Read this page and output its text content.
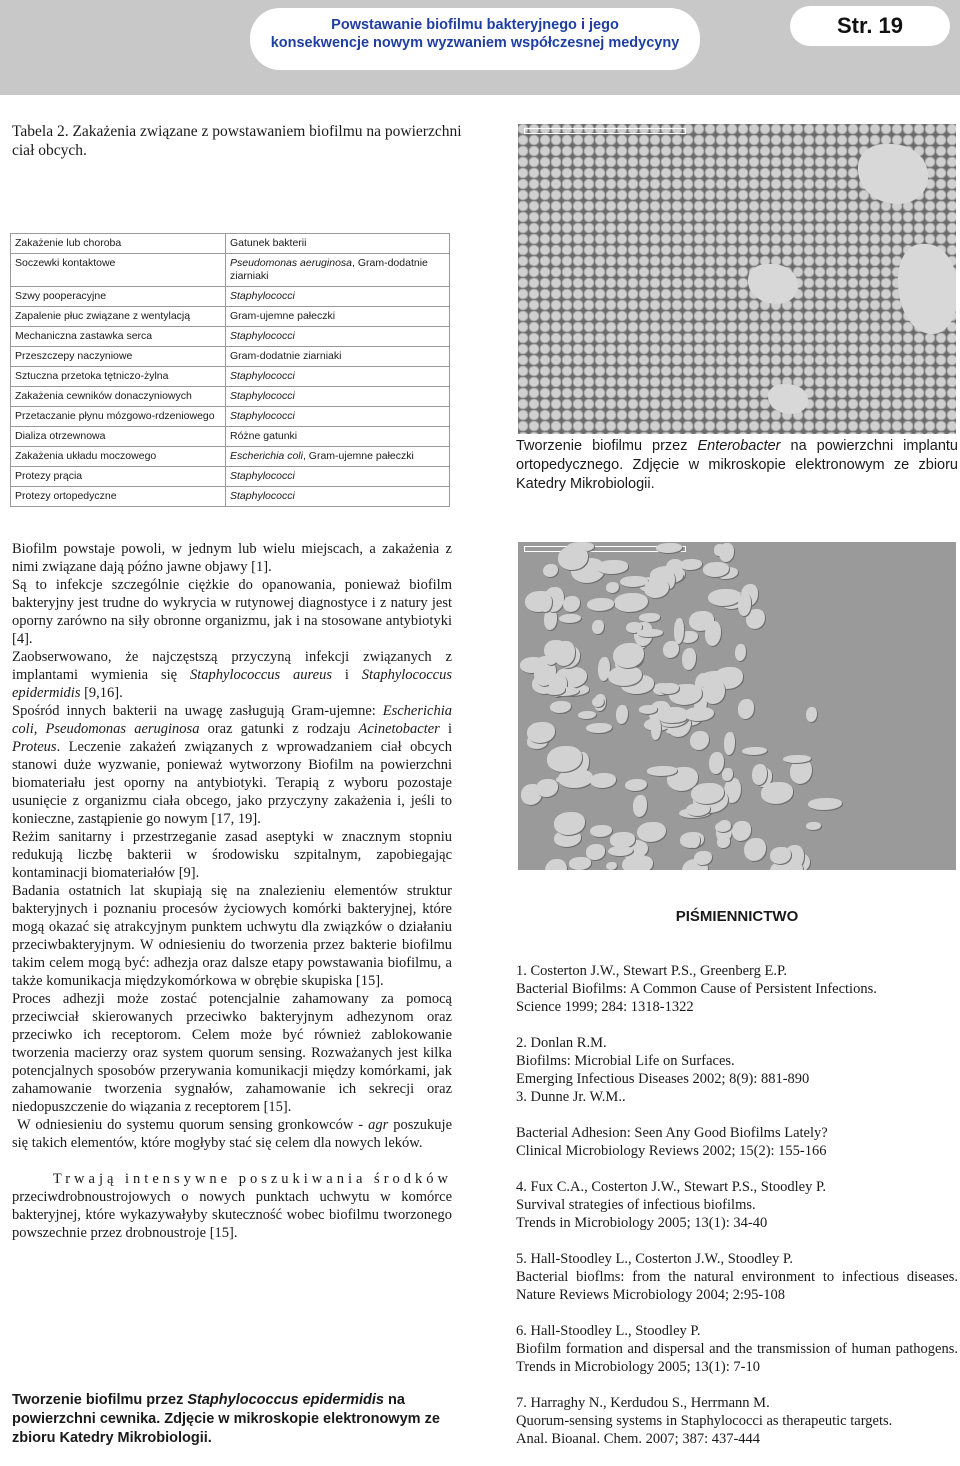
Powstawanie biofilmu bakteryjnego i jego
konsekwencje nowym wyzwaniem współczesnej medycyny
Str. 19
Tabela 2. Zakażenia związane z powstawaniem biofilmu na powierzchni ciał obcych.
Zakażenie lub choroba	Gatunek bakterii
Soczewki kontaktowe	Pseudomonas aeruginosa, Gram-dodatnie ziarniaki
Szwy pooperacyjne	Staphylococci
Zapalenie płuc związane z wentylacją	Gram-ujemne pałeczki
Mechaniczna zastawka serca	Staphylococci
Przeszczepy naczyniowe	Gram-dodatnie ziarniaki
Sztuczna przetoka tętniczo-żylna	Staphylococci
Zakażenia cewników donaczyniowych	Staphylococci
Przetaczanie płynu mózgowo-rdzeniowego	Staphylococci
Dializa otrzewnowa	Różne gatunki
Zakażenia układu moczowego	Escherichia coli, Gram-ujemne pałeczki
Protezy prącia	Staphylococci
Protezy ortopedyczne	Staphylococci
Tworzenie biofilmu przez Enterobacter na powierzchni implantu ortopedycznego. Zdjęcie w mikroskopie elektronowym ze zbioru Katedry Mikrobiologii.

Biofilm powstaje powoli, w jednym lub wielu miejscach, a zakażenia z nimi związane dają późno jawne objawy [1].

Są to infekcje szczególnie ciężkie do opanowania, ponieważ biofilm bakteryjny jest trudne do wykrycia w rutynowej diagnostyce i z natury jest oporny zarówno na siły obronne organizmu, jak i na stosowane antybiotyki [4].

Zaobserwowano, że najczęstszą przyczyną infekcji związanych z implantami wymienia się Staphylococcus aureus i Staphylococcus epidermidis [9,16].

Spośród innych bakterii na uwagę zasługują Gram-ujemne: Escherichia coli, Pseudomonas aeruginosa oraz gatunki z rodzaju Acinetobacter i Proteus. Leczenie zakażeń związanych z wprowadzaniem ciał obcych stanowi duże wyzwanie, ponieważ wytworzony Biofilm na powierzchni biomateriału jest oporny na antybiotyki. Terapią z wyboru pozostaje usunięcie z organizmu ciała obcego, jako przyczyny zakażenia i, jeśli to konieczne, zastąpienie go nowym [17, 19].

Reżim sanitarny i przestrzeganie zasad aseptyki w znacznym stopniu redukują liczbę bakterii w środowisku szpitalnym, zapobiegając kontaminacji biomateriałów [9].

Badania ostatnich lat skupiają się na znalezieniu elementów struktur bakteryjnych i poznaniu procesów życiowych komórki bakteryjnej, które mogą okazać się atrakcyjnym punktem uchwytu dla związków o działaniu przeciwbakteryjnym. W odniesieniu do tworzenia przez bakterie biofilmu takim celem mogą być: adhezja oraz dalsze etapy powstawania biofilmu, a także komunikacja międzykomórkowa w obrębie skupiska [15].

Proces adhezji może zostać potencjalnie zahamowany za pomocą przeciwciał skierowanych przeciwko bakteryjnym adhezynom oraz przeciwko ich receptorom. Celem może być również zablokowanie tworzenia macierzy oraz system quorum sensing. Rozważanych jest kilka potencjalnych sposobów przerywania komunikacji między komórkami, jak zahamowanie tworzenia sygnałów, zahamowanie ich sekrecji oraz niedopuszczenie do wiązania z receptorem [15].

W odniesieniu do systemu quorum sensing gronkowców - agr poszukuje się takich elementów, które mogłyby stać się celem dla nowych leków.

Trwają intensywne poszukiwania środków

przeciwdrobnoustrojowych o nowych punktach uchwytu w komórce bakteryjnej, które wykazywałyby skuteczność wobec biofilmu tworzonego powszechnie przez drobnoustroje [15].

Tworzenie biofilmu przez Staphylococcus epidermidis na powierzchni cewnika. Zdjęcie w mikroskopie elektronowym ze zbioru Katedry Mikrobiologii.
PIŚMIENNICTWO
1. Costerton J.W., Stewart P.S., Greenberg E.P.
Bacterial Biofilms: A Common Cause of Persistent Infections.
Science 1999; 284: 1318-1322
2. Donlan R.M.
Biofilms: Microbial Life on Surfaces.
Emerging Infectious Diseases 2002; 8(9): 881-890
3. Dunne Jr. W.M..
Bacterial Adhesion: Seen Any Good Biofilms Lately?
Clinical Microbiology Reviews 2002; 15(2): 155-166
4. Fux C.A., Costerton J.W., Stewart P.S., Stoodley P.
Survival strategies of infectious biofilms.
Trends in Microbiology 2005; 13(1): 34-40
5. Hall-Stoodley L., Costerton J.W., Stoodley P.
Bacterial bioflms: from the natural environment to infectious diseases. Nature Reviews Microbiology 2004; 2:95-108
6. Hall-Stoodley L., Stoodley P.
Biofilm formation and dispersal and the transmission of human pathogens. Trends in Microbiology 2005; 13(1): 7-10
7. Harraghy N., Kerdudou S., Herrmann M.
Quorum-sensing systems in Staphylococci as therapeutic targets.
Anal. Bioanal. Chem. 2007; 387: 437-444
